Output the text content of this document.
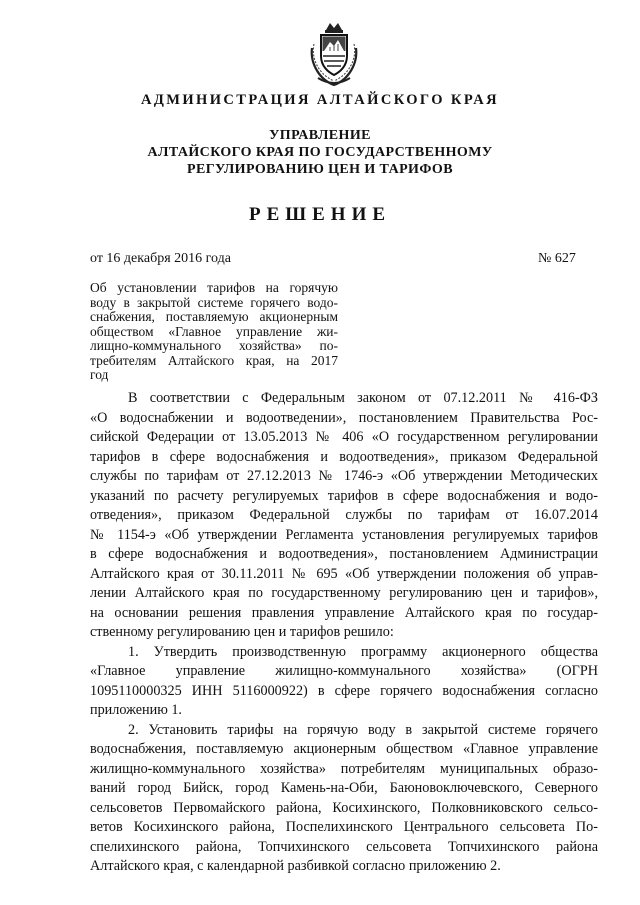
АДМИНИСТРАЦИЯ АЛТАЙСКОГО КРАЯ
УПРАВЛЕНИЕ
АЛТАЙСКОГО КРАЯ ПО ГОСУДАРСТВЕННОМУ
РЕГУЛИРОВАНИЮ ЦЕН И ТАРИФОВ
РЕШЕНИЕ
от 16 декабря 2016 года	№ 627
Об установлении тарифов на горячую
воду в закрытой системе горячего водо-
снабжения, поставляемую акционерным
обществом «Главное управление жи-
лищно-коммунального хозяйства» по-
требителям Алтайского края, на 2017
год
В соответствии с Федеральным законом от 07.12.2011 № 416-ФЗ
«О водоснабжении и водоотведении», постановлением Правительства Рос-
сийской Федерации от 13.05.2013 № 406 «О государственном регулировании
тарифов в сфере водоснабжения и водоотведения», приказом Федеральной
службы по тарифам от 27.12.2013 № 1746-э «Об утверждении Методических
указаний по расчету регулируемых тарифов в сфере водоснабжения и водо-
отведения», приказом Федеральной службы по тарифам от 16.07.2014
№ 1154-э «Об утверждении Регламента установления регулируемых тарифов
в сфере водоснабжения и водоотведения», постановлением Администрации
Алтайского края от 30.11.2011 № 695 «Об утверждении положения об управ-
лении Алтайского края по государственному регулированию цен и тарифов»,
на основании решения правления управление Алтайского края по государ-
ственному регулированию цен и тарифов решило:
1. Утвердить производственную программу акционерного общества
«Главное управление жилищно-коммунального хозяйства» (ОГРН
1095110000325 ИНН 5116000922) в сфере горячего водоснабжения согласно
приложению 1.
2. Установить тарифы на горячую воду в закрытой системе горячего
водоснабжения, поставляемую акционерным обществом «Главное управление
жилищно-коммунального хозяйства» потребителям муниципальных образо-
ваний город Бийск, город Камень-на-Оби, Баюновоключевского, Северного
сельсоветов Первомайского района, Косихинского, Полковниковского сельсо-
ветов Косихинского района, Поспелихинского Центрального сельсовета По-
спелихинского района, Топчихинского сельсовета Топчихинского района
Алтайского края, с календарной разбивкой согласно приложению 2.
